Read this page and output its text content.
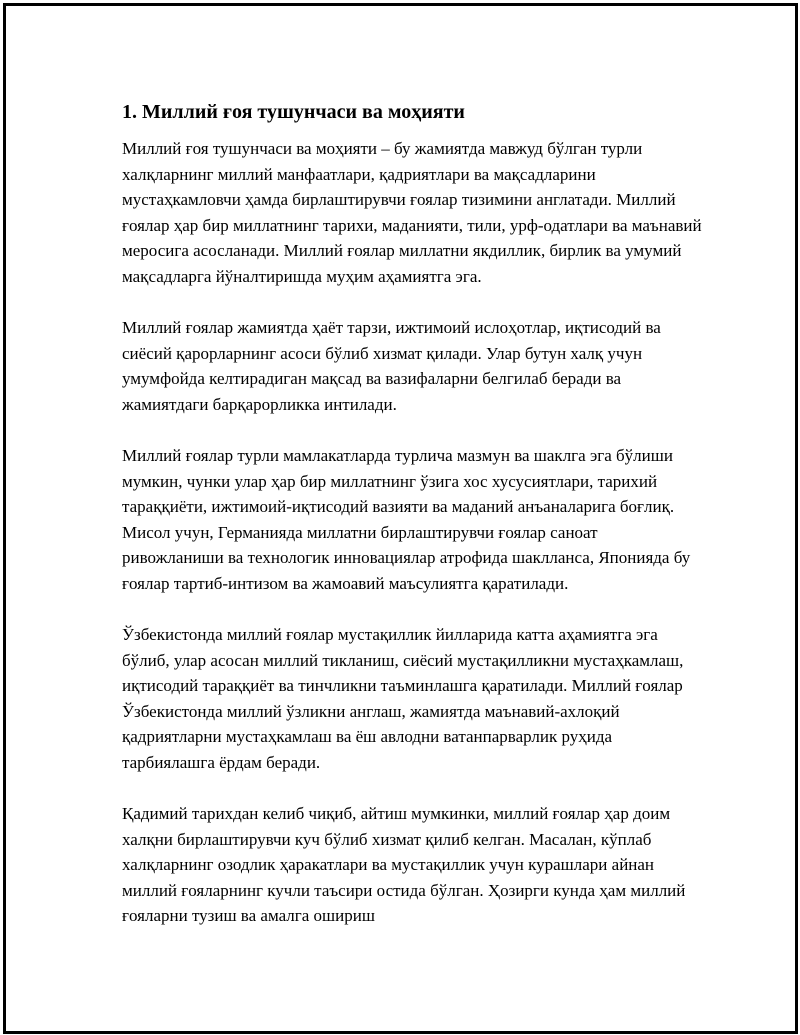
1. Миллий ғоя тушунчаси ва моҳияти

Миллий ғоя тушунчаси ва моҳияти – бу жамиятда мавжуд бўлган турли халқларнинг миллий манфаатлари, қадриятлари ва мақсадларини мустаҳкамловчи ҳамда бирлаштирувчи ғоялар тизимини англатади. Миллий ғоялар ҳар бир миллатнинг тарихи, маданияти, тили, урф-одатлари ва маънавий меросига асосланади. Миллий ғоялар миллатни якдиллик, бирлик ва умумий мақсадларга йўналтиришда муҳим аҳамиятга эга.

Миллий ғоялар жамиятда ҳаёт тарзи, ижтимоий ислоҳотлар, иқтисодий ва сиёсий қарорларнинг асоси бўлиб хизмат қилади. Улар бутун халқ учун умумфойда келтирадиган мақсад ва вазифаларни белгилаб беради ва жамиятдаги барқарорликка интилади.

Миллий ғоялар турли мамлакатларда турлича мазмун ва шаклга эга бўлиши мумкин, чунки улар ҳар бир миллатнинг ўзига хос хусусиятлари, тарихий тараққиёти, ижтимоий-иқтисодий вазияти ва маданий анъаналарига боғлиқ. Мисол учун, Германияда миллатни бирлаштирувчи ғоялар саноат ривожланиши ва технологик инновациялар атрофида шаклланса, Японияда бу ғоялар тартиб-интизом ва жамоавий маъсулиятга қаратилади.

Ўзбекистонда миллий ғоялар мустақиллик йилларида катта аҳамиятга эга бўлиб, улар асосан миллий тикланиш, сиёсий мустақилликни мустаҳкамлаш, иқтисодий тараққиёт ва тинчликни таъминлашга қаратилади. Миллий ғоялар Ўзбекистонда миллий ўзликни англаш, жамиятда маънавий-ахлоқий қадриятларни мустаҳкамлаш ва ёш авлодни ватанпарварлик руҳида тарбиялашга ёрдам беради.

Қадимий тарихдан келиб чиқиб, айтиш мумкинки, миллий ғоялар ҳар доим халқни бирлаштирувчи куч бўлиб хизмат қилиб келган. Масалан, кўплаб халқларнинг озодлик ҳаракатлари ва мустақиллик учун курашлари айнан миллий ғояларнинг кучли таъсири остида бўлган. Ҳозирги кунда ҳам миллий ғояларни тузиш ва амалга ошириш
